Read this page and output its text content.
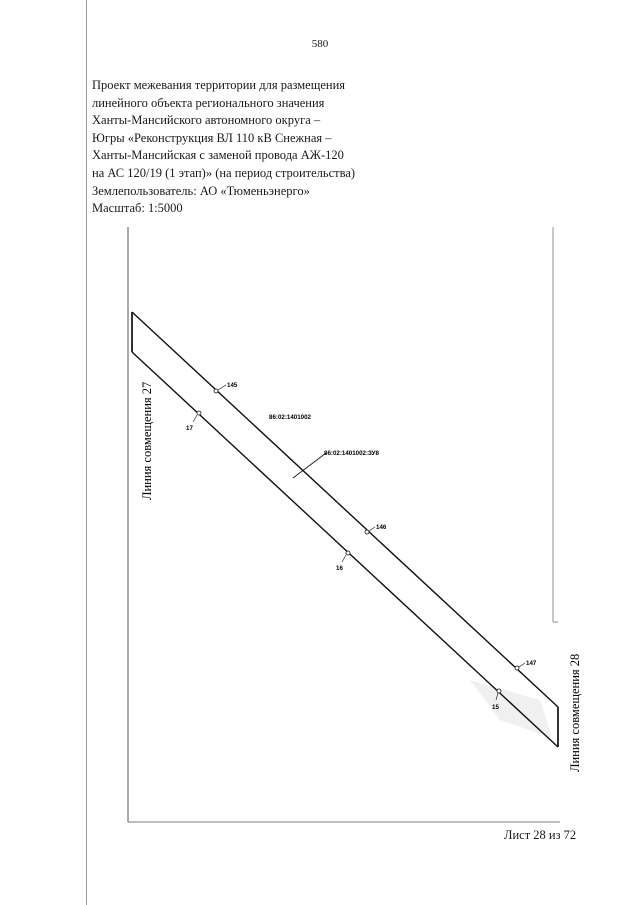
580
Проект межевания территории для размещения
линейного объекта регионального значения
Ханты-Мансийского автономного округа –
Югры «Реконструкция ВЛ 110 кВ Снежная –
Ханты-Мансийская с заменой провода АЖ-120
на АС 120/19 (1 этап)» (на период строительства)
Землепользователь: АО «Тюменьэнерго»
Масштаб: 1:5000
145
146
147
17
16
15
86:02:1401002
86:02:1401002:ЗУ8
Линия совмещения 27
Линия совмещения 28
Лист 28 из 72
